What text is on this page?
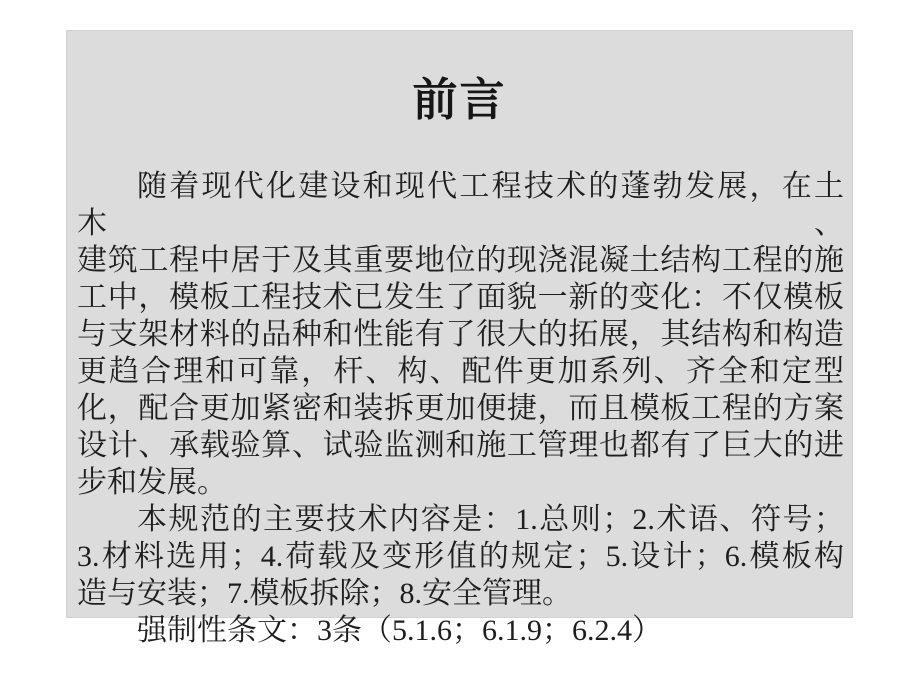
前言
随着现代化建设和现代工程技术的蓬勃发展，在土木、
建筑工程中居于及其重要地位的现浇混凝土结构工程的施
工中，模板工程技术已发生了面貌一新的变化：不仅模板
与支架材料的品种和性能有了很大的拓展，其结构和构造
更趋合理和可靠，杆、构、配件更加系列、齐全和定型
化，配合更加紧密和装拆更加便捷，而且模板工程的方案
设计、承载验算、试验监测和施工管理也都有了巨大的进
步和发展。
本规范的主要技术内容是：1.总则；2.术语、符号；
3.材料选用；4.荷载及变形值的规定；5.设计；6.模板构
造与安装；7.模板拆除；8.安全管理。
强制性条文：3条（5.1.6；6.1.9；6.2.4）
